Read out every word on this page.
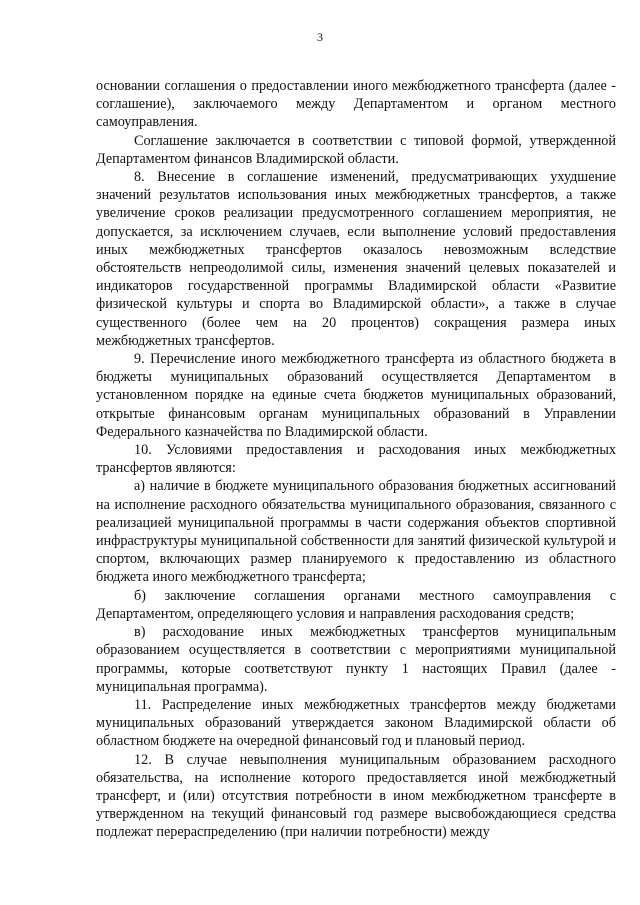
3

основании соглашения о предоставлении иного межбюджетного трансферта (далее - соглашение), заключаемого между Департаментом и органом местного самоуправления.

Соглашение заключается в соответствии с типовой формой, утвержденной Департаментом финансов Владимирской области.

8. Внесение в соглашение изменений, предусматривающих ухудшение значений результатов использования иных межбюджетных трансфертов, а также увеличение сроков реализации предусмотренного соглашением мероприятия, не допускается, за исключением случаев, если выполнение условий предоставления иных межбюджетных трансфертов оказалось невозможным вследствие обстоятельств непреодолимой силы, изменения значений целевых показателей и индикаторов государственной программы Владимирской области «Развитие физической культуры и спорта во Владимирской области», а также в случае существенного (более чем на 20 процентов) сокращения размера иных межбюджетных трансфертов.

9. Перечисление иного межбюджетного трансферта из областного бюджета в бюджеты муниципальных образований осуществляется Департаментом в установленном порядке на единые счета бюджетов муниципальных образований, открытые финансовым органам муниципальных образований в Управлении Федерального казначейства по Владимирской области.

10. Условиями предоставления и расходования иных межбюджетных трансфертов являются:

а) наличие в бюджете муниципального образования бюджетных ассигнований на исполнение расходного обязательства муниципального образования, связанного с реализацией муниципальной программы в части содержания объектов спортивной инфраструктуры муниципальной собственности для занятий физической культурой и спортом, включающих размер планируемого к предоставлению из областного бюджета иного межбюджетного трансферта;

б) заключение соглашения органами местного самоуправления с Департаментом, определяющего условия и направления расходования средств;

в) расходование иных межбюджетных трансфертов муниципальным образованием осуществляется в соответствии с мероприятиями муниципальной программы, которые соответствуют пункту 1 настоящих Правил (далее - муниципальная программа).

11. Распределение иных межбюджетных трансфертов между бюджетами муниципальных образований утверждается законом Владимирской области об областном бюджете на очередной финансовый год и плановый период.

12. В случае невыполнения муниципальным образованием расходного обязательства, на исполнение которого предоставляется иной межбюджетный трансферт, и (или) отсутствия потребности в ином межбюджетном трансферте в утвержденном на текущий финансовый год размере высвобождающиеся средства подлежат перераспределению (при наличии потребности) между
